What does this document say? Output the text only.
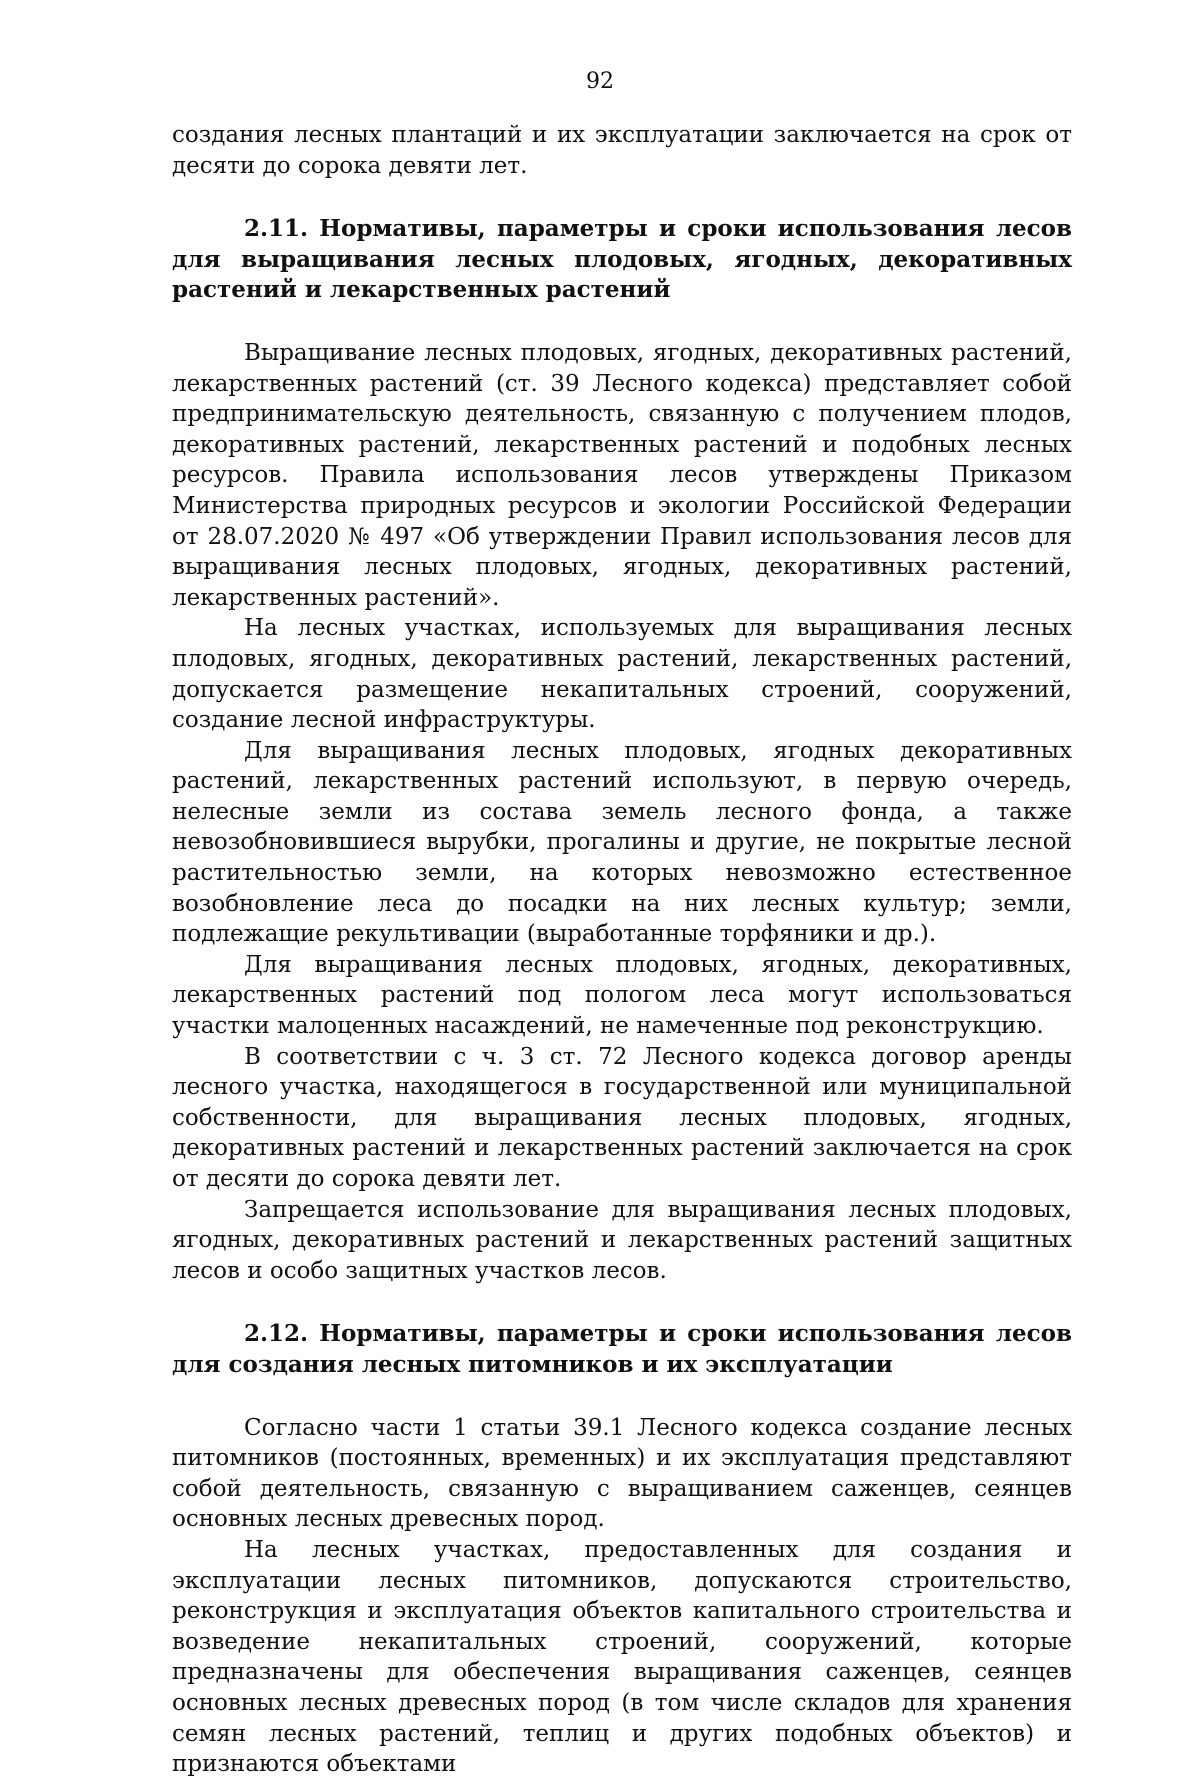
92

создания лесных плантаций и их эксплуатации заключается на срок от десяти до сорока девяти лет.

2.11. Нормативы, параметры и сроки использования лесов для выращивания лесных плодовых, ягодных, декоративных растений и лекарственных растений

Выращивание лесных плодовых, ягодных, декоративных растений, лекарственных растений (ст. 39 Лесного кодекса) представляет собой предпринимательскую деятельность, связанную с получением плодов, декоративных растений, лекарственных растений и подобных лесных ресурсов. Правила использования лесов утверждены Приказом Министерства природных ресурсов и экологии Российской Федерации от 28.07.2020 № 497 «Об утверждении Правил использования лесов для выращивания лесных плодовых, ягодных, декоративных растений, лекарственных растений».

На лесных участках, используемых для выращивания лесных плодовых, ягодных, декоративных растений, лекарственных растений, допускается размещение некапитальных строений, сооружений, создание лесной инфраструктуры.

Для выращивания лесных плодовых, ягодных декоративных растений, лекарственных растений используют, в первую очередь, нелесные земли из состава земель лесного фонда, а также невозобновившиеся вырубки, прогалины и другие, не покрытые лесной растительностью земли, на которых невозможно естественное возобновление леса до посадки на них лесных культур; земли, подлежащие рекультивации (выработанные торфяники и др.).

Для выращивания лесных плодовых, ягодных, декоративных, лекарственных растений под пологом леса могут использоваться участки малоценных насаждений, не намеченные под реконструкцию.

В соответствии с ч. 3 ст. 72 Лесного кодекса договор аренды лесного участка, находящегося в государственной или муниципальной собственности, для выращивания лесных плодовых, ягодных, декоративных растений и лекарственных растений заключается на срок от десяти до сорока девяти лет.

Запрещается использование для выращивания лесных плодовых, ягодных, декоративных растений и лекарственных растений защитных лесов и особо защитных участков лесов.

2.12. Нормативы, параметры и сроки использования лесов для создания лесных питомников и их эксплуатации

Согласно части 1 статьи 39.1 Лесного кодекса создание лесных питомников (постоянных, временных) и их эксплуатация представляют собой деятельность, связанную с выращиванием саженцев, сеянцев основных лесных древесных пород.

На лесных участках, предоставленных для создания и эксплуатации лесных питомников, допускаются строительство, реконструкция и эксплуатация объектов капитального строительства и возведение некапитальных строений, сооружений, которые предназначены для обеспечения выращивания саженцев, сеянцев основных лесных древесных пород (в том числе складов для хранения семян лесных растений, теплиц и других подобных объектов) и признаются объектами
